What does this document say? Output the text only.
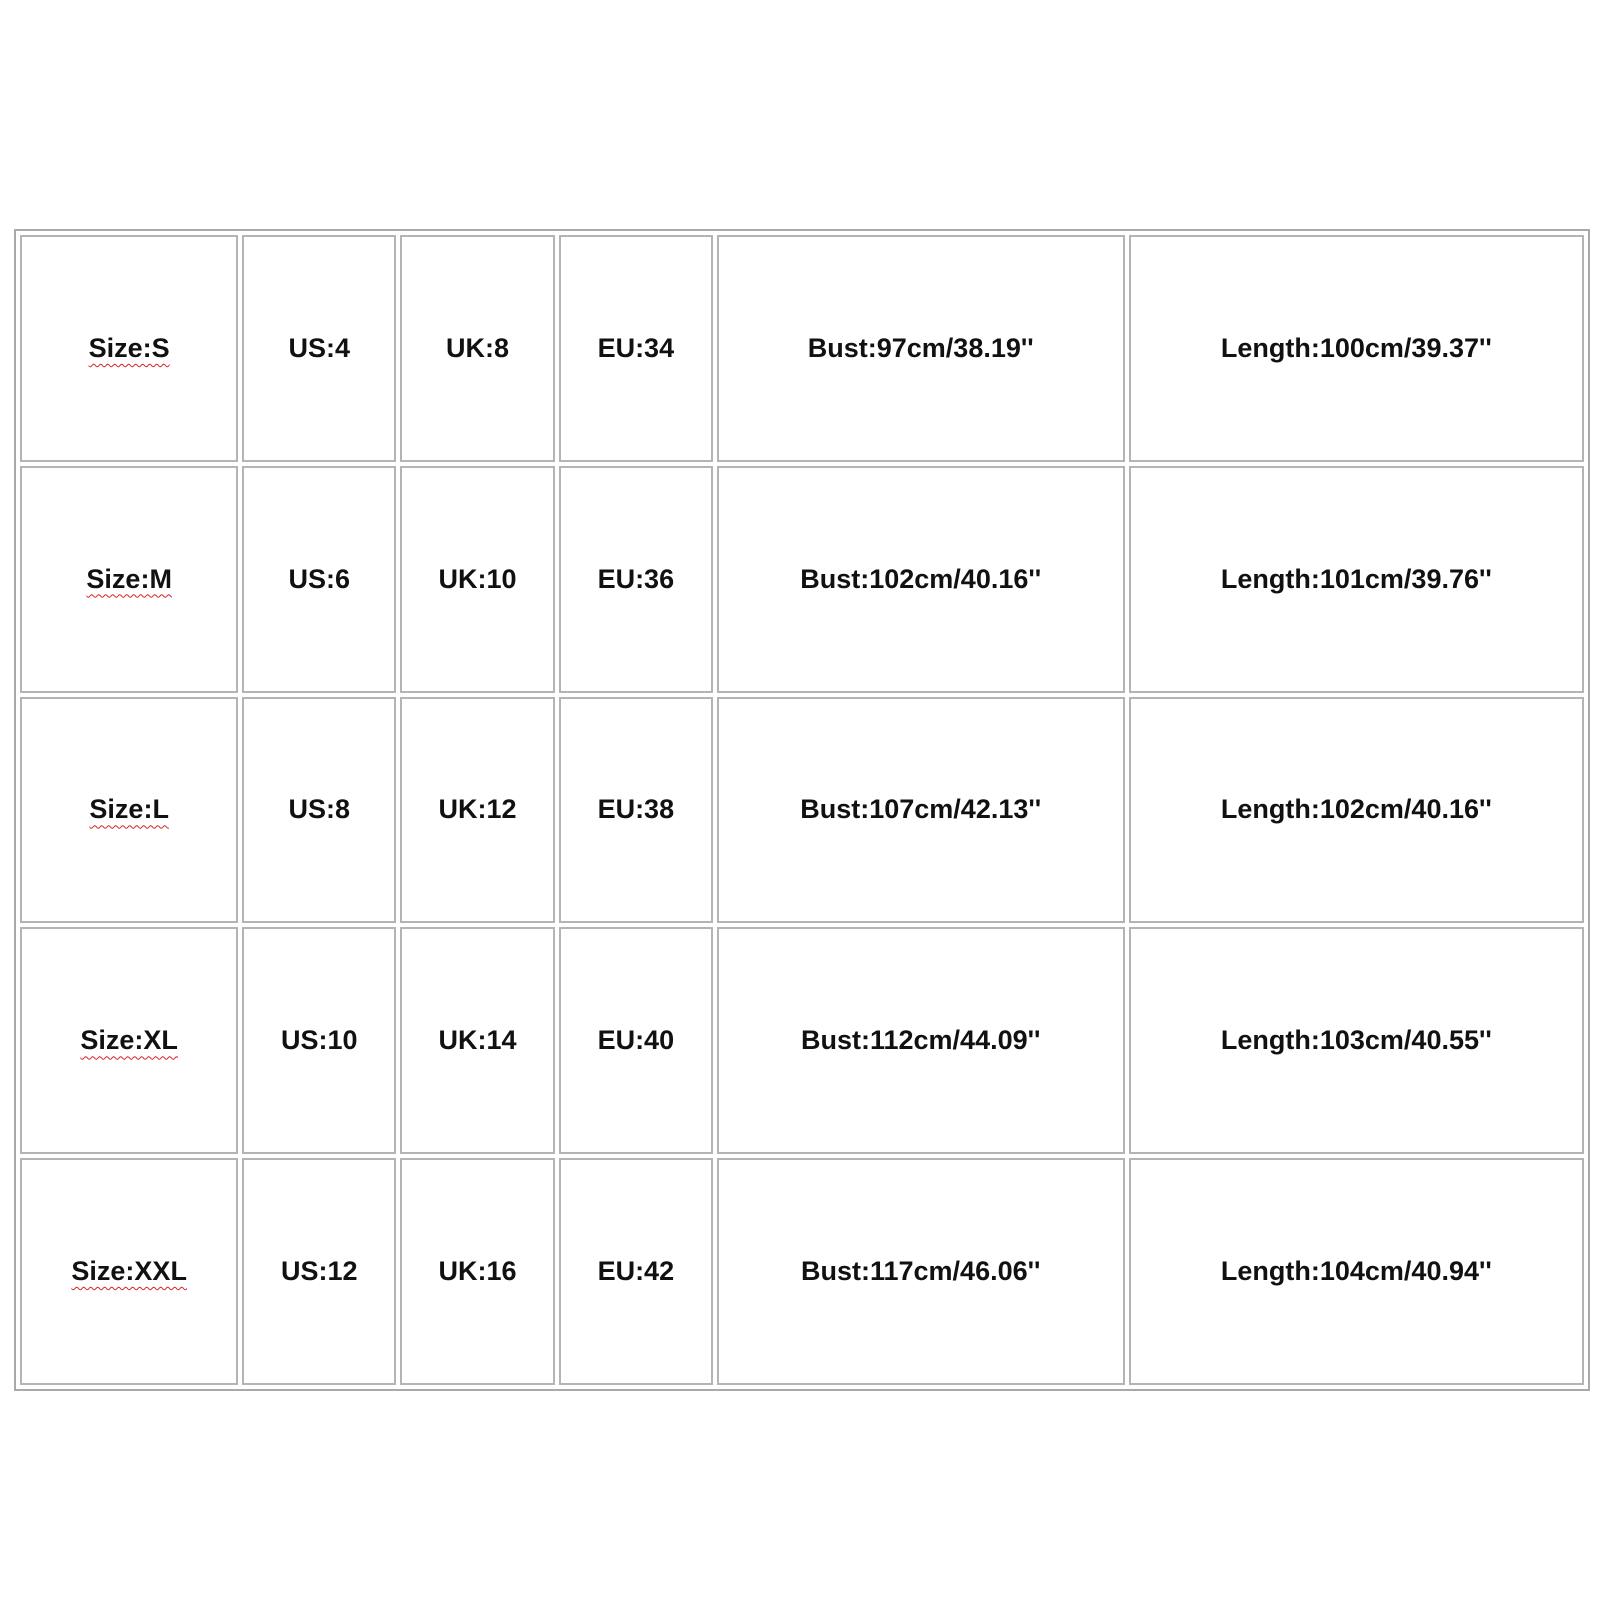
Size:S	US:4	UK:8	EU:34	Bust:97cm/38.19''	Length:100cm/39.37''
Size:M	US:6	UK:10	EU:36	Bust:102cm/40.16''	Length:101cm/39.76''
Size:L	US:8	UK:12	EU:38	Bust:107cm/42.13''	Length:102cm/40.16''
Size:XL	US:10	UK:14	EU:40	Bust:112cm/44.09''	Length:103cm/40.55''
Size:XXL	US:12	UK:16	EU:42	Bust:117cm/46.06''	Length:104cm/40.94''
